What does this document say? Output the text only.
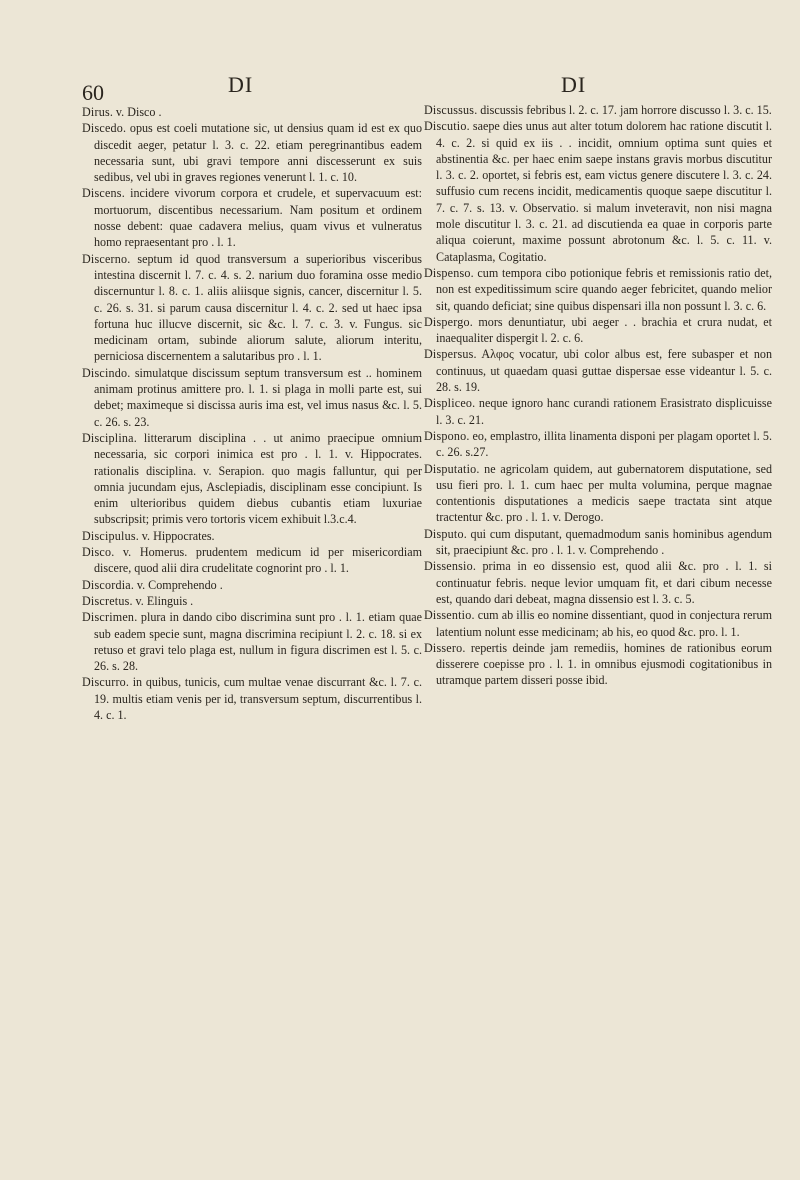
60	DI	DI

Dirus. v. Disco .

Discedo. opus est coeli mutatione sic, ut densius quam id est ex quo discedit aeger, petatur l. 3. c. 22. etiam peregrinantibus eadem necessaria sunt, ubi gravi tempore anni discesserunt ex suis sedibus, vel ubi in graves regiones venerunt l. 1. c. 10.

Discens. incidere vivorum corpora et crudele, et supervacuum est: mortuorum, discentibus necessarium. Nam positum et ordinem nosse debent: quae cadavera melius, quam vivus et vulneratus homo repraesentant pro . l. 1.

Discerno. septum id quod transversum a superioribus visceribus intestina discernit l. 7. c. 4. s. 2. narium duo foramina osse medio discernuntur l. 8. c. 1. aliis aliisque signis, cancer, discernitur l. 5. c. 26. s. 31. si parum causa discernitur l. 4. c. 2. sed ut haec ipsa fortuna huc illucve discernit, sic &c. l. 7. c. 3. v. Fungus. sic medicinam ortam, subinde aliorum salute, aliorum interitu, perniciosa discernentem a salutaribus pro . l. 1.

Discindo. simulatque discissum septum transversum est .. hominem animam protinus amittere pro. l. 1. si plaga in molli parte est, sui debet; maximeque si discissa auris ima est, vel imus nasus &c. l. 5. c. 26. s. 23.

Disciplina. litterarum disciplina . . ut animo praecipue omnium necessaria, sic corpori inimica est pro . l. 1. v. Hippocrates. rationalis disciplina. v. Serapion. quo magis falluntur, qui per omnia jucundam ejus, Asclepiadis, disciplinam esse concipiunt. Is enim ulterioribus quidem diebus cubantis etiam luxuriae subscripsit; primis vero tortoris vicem exhibuit l.3.c.4.

Discipulus. v. Hippocrates.

Disco. v. Homerus. prudentem medicum id per misericordiam discere, quod alii dira crudelitate cognorint pro . l. 1.

Discordia. v. Comprehendo .

Discretus. v. Elinguis .

Discrimen. plura in dando cibo discrimina sunt pro . l. 1. etiam quae sub eadem specie sunt, magna discrimina recipiunt l. 2. c. 18. si ex retuso et gravi telo plaga est, nullum in figura discrimen est l. 5. c. 26. s. 28.

Discurro. in quibus, tunicis, cum multae venae discurrant &c. l. 7. c. 19. multis etiam venis per id, transversum septum, discurrentibus l. 4. c. 1.

Discussus. discussis febribus l. 2. c. 17. jam horrore discusso l. 3. c. 15.

Discutio. saepe dies unus aut alter totum dolorem hac ratione discutit l. 4. c. 2. si quid ex iis . . incidit, omnium optima sunt quies et abstinentia &c. per haec enim saepe instans gravis morbus discutitur l. 3. c. 2. oportet, si febris est, eam victus genere discutere l. 3. c. 24. suffusio cum recens incidit, medicamentis quoque saepe discutitur l. 7. c. 7. s. 13. v. Observatio. si malum inveteravit, non nisi magna mole discutitur l. 3. c. 21. ad discutienda ea quae in corporis parte aliqua coierunt, maxime possunt abrotonum &c. l. 5. c. 11. v. Cataplasma, Cogitatio.

Dispenso. cum tempora cibo potionique febris et remissionis ratio det, non est expeditissimum scire quando aeger febricitet, quando melior sit, quando deficiat; sine quibus dispensari illa non possunt l. 3. c. 6.

Dispergo. mors denuntiatur, ubi aeger . . brachia et crura nudat, et inaequaliter dispergit l. 2. c. 6.

Dispersus. Aλφος vocatur, ubi color albus est, fere subasper et non continuus, ut quaedam quasi guttae dispersae esse videantur l. 5. c. 28. s. 19.

Displiceo. neque ignoro hanc curandi rationem Erasistrato displicuisse l. 3. c. 21.

Dispono. eo, emplastro, illita linamenta disponi per plagam oportet l. 5. c. 26. s.27.

Disputatio. ne agricolam quidem, aut gubernatorem disputatione, sed usu fieri pro. l. 1. cum haec per multa volumina, perque magnae contentionis disputationes a medicis saepe tractata sint atque tractentur &c. pro . l. 1. v. Derogo.

Disputo. qui cum disputant, quemadmodum sanis hominibus agendum sit, praecipiunt &c. pro . l. 1. v. Comprehendo .

Dissensio. prima in eo dissensio est, quod alii &c. pro . l. 1. si continuatur febris. neque levior umquam fit, et dari cibum necesse est, quando dari debeat, magna dissensio est l. 3. c. 5.

Dissentio. cum ab illis eo nomine dissentiant, quod in conjectura rerum latentium nolunt esse medicinam; ab his, eo quod &c. pro. l. 1.

Dissero. repertis deinde jam remediis, homines de rationibus eorum disserere coepisse pro . l. 1. in omnibus ejusmodi cogitationibus in utramque partem disseri posse ibid.
